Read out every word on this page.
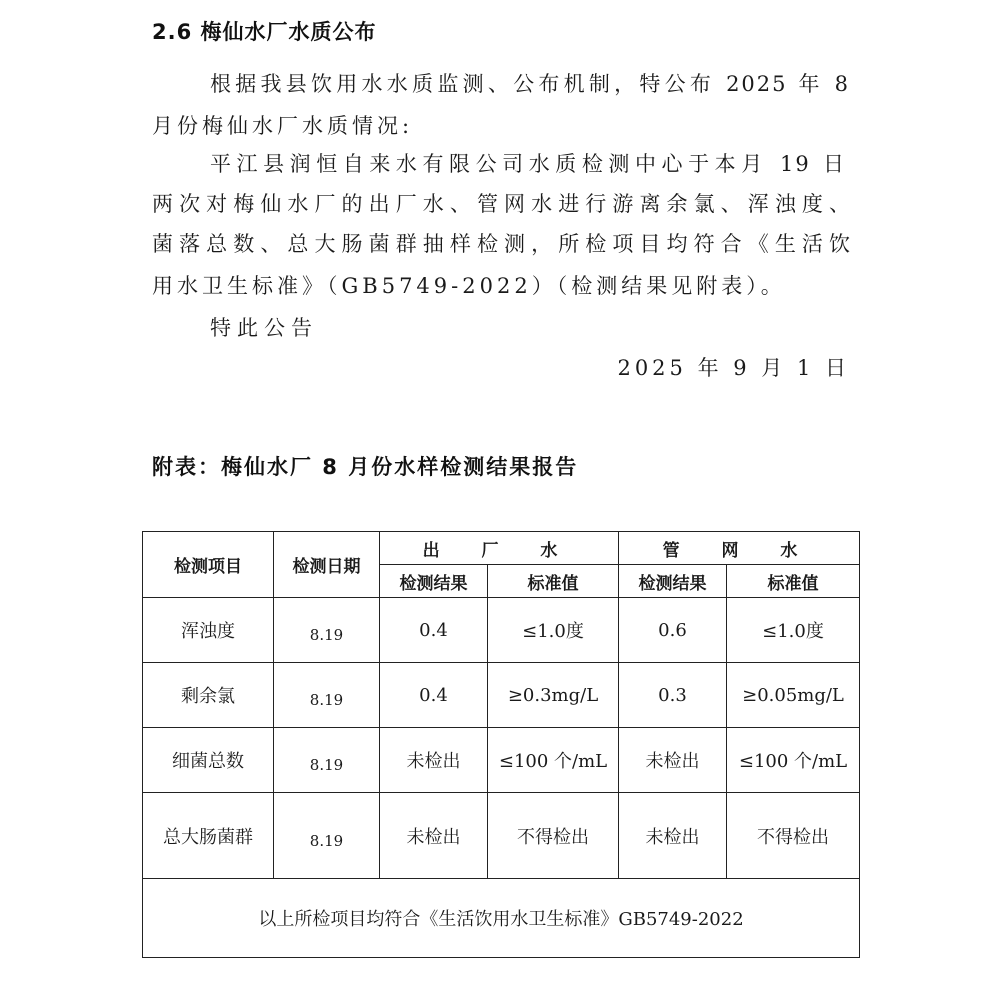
2.6 梅仙水厂水质公布
根据我县饮用水水质监测、公布机制，特公布 2025 年 8
月份梅仙水厂水质情况:
平江县润恒自来水有限公司水质检测中心于本月 19 日
两次对梅仙水厂的出厂水、管网水进行游离余氯、浑浊度、
菌落总数、总大肠菌群抽样检测，所检项目均符合《生活饮
用水卫生标准》（GB5749-2022）（检测结果见附表）。
特此公告
2025 年 9 月 1 日
附表：梅仙水厂 8 月份水样检测结果报告
检测项目	检测日期	出 厂 水		管 网 水	
		检测结果	标准值	检测结果	标准值
浑浊度	8.19	0.4	≤1.0度	0.6	≤1.0度
剩余氯	8.19	0.4	≥0.3mg/L	0.3	≥0.05mg/L
细菌总数	8.19	未检出	≤100 个/mL	未检出	≤100 个/mL
总大肠菌群	8.19	未检出	不得检出	未检出	不得检出
以上所检项目均符合《生活饮用水卫生标准》GB5749-2022					
